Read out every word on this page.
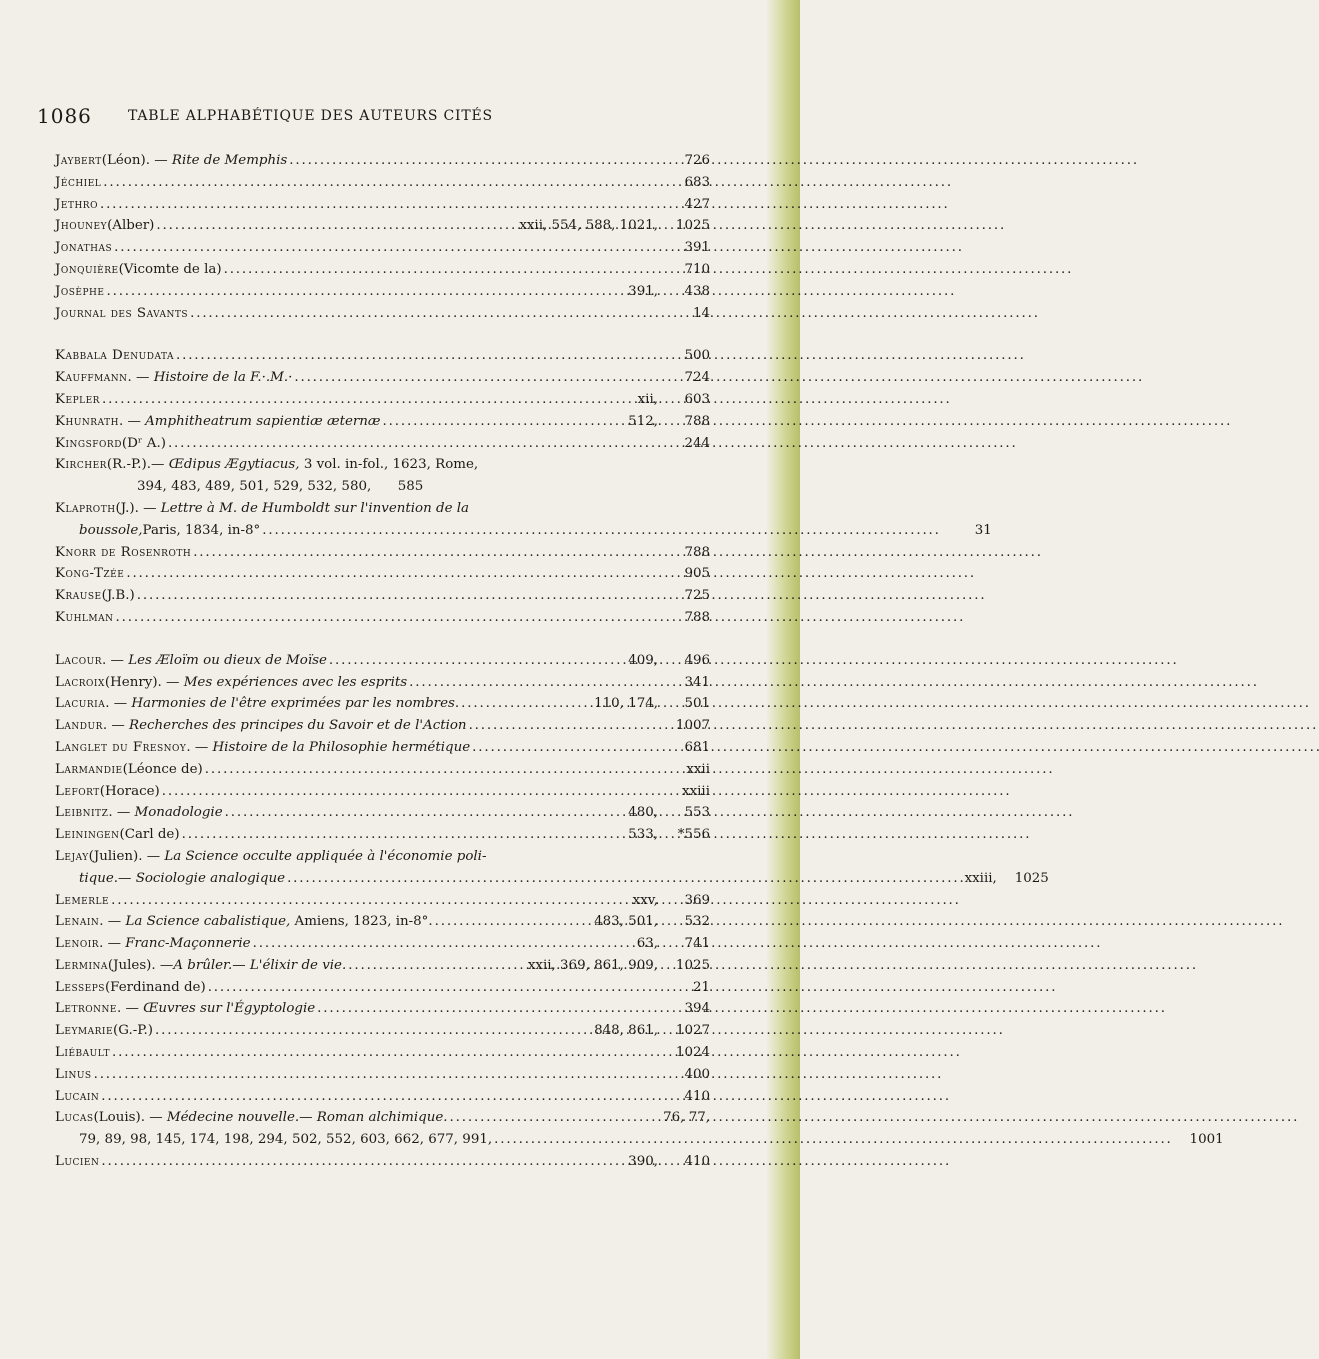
1086	TABLE ALPHABÉTIQUE DES AUTEURS CITÉS
Jaybert (Léon). — Rite de Memphis . . .	726
Jéchiel . . .	683
Jethro . . .	427
Jhouney (Alber) . . .	xxii, 554, 588, 1021,	1025
Jonathas . . .	391
Jonquière (Vicomte de la) . . .	710
Josèphe . . .	391,	438
Journal des Savants . . .	14
Kabbala Denudata . . .	500
Kauffmann . — Histoire de la F.·.M.· . . .	724
Kepler . . .	xii,	603
Khunrath . — Amphitheatrum sapientiæ æternæ . . .	512,	788
Kingsford (Dʳ A.) . . .	244
Kircher (R.-P.).— Œdipus Ægytiacus, 3 vol. in-fol., 1623, Rome,
394, 483, 489, 501, 529, 532, 580,	585
Klaproth (J.). — Lettre à M. de Humboldt sur l'invention de la
boussole, Paris, 1834, in-8° . . .	31
Knorr de Rosenroth . . .	788
Kong-Tzée . . .	905
Krause (J.B.) . . .	725
Kuhlman . . .	788
Lacour . — Les Æloïm ou dieux de Moïse . . .	409,	496
Lacroix (Henry). — Mes expériences avec les esprits . . .	341
Lacuria . — Harmonies de l'être exprimées par les nombres. . . .	110, 174,	501
Landur . — Recherches des principes du Savoir et de l'Action . . .	1007
Langlet du Fresnoy . — Histoire de la Philosophie hermétique . . .	681
Larmandie (Léonce de) . . .	xxii
Lefort (Horace) . . .	xxiii
Leibnitz . — Monadologie . . .	480,	553
Leiningen (Carl de) . . .	533,	*556
Lejay (Julien). — La Science occulte appliquée à l'économie poli-
tique.— Sociologie analogique . . .	xxiii,	1025
Lemerle . . .	xxv,	369
Lenain . — La Science cabalistique, Amiens, 1823, in-8°. . . .	483, 501,	532
Lenoir . — Franc-Maçonnerie . . .	63,	741
Lermina (Jules). —A brûler.— L'élixir de vie. . . .	xxii, 369, 861, 909,	1025
Lesseps (Ferdinand de) . . .	21
Letronne . — Œuvres sur l'Égyptologie . . .	394
Leymarie (G.-P.) . . .	848, 861,	1027
Liébault . . .	1024
Linus . . .	400
Lucain . . .	410
Lucas (Louis). — Médecine nouvelle.— Roman alchimique. . . .	76, 77,
79, 89, 98, 145, 174, 198, 294, 502, 552, 603, 662, 677, 991, . . .	1001
Lucien . . .	390,	410
